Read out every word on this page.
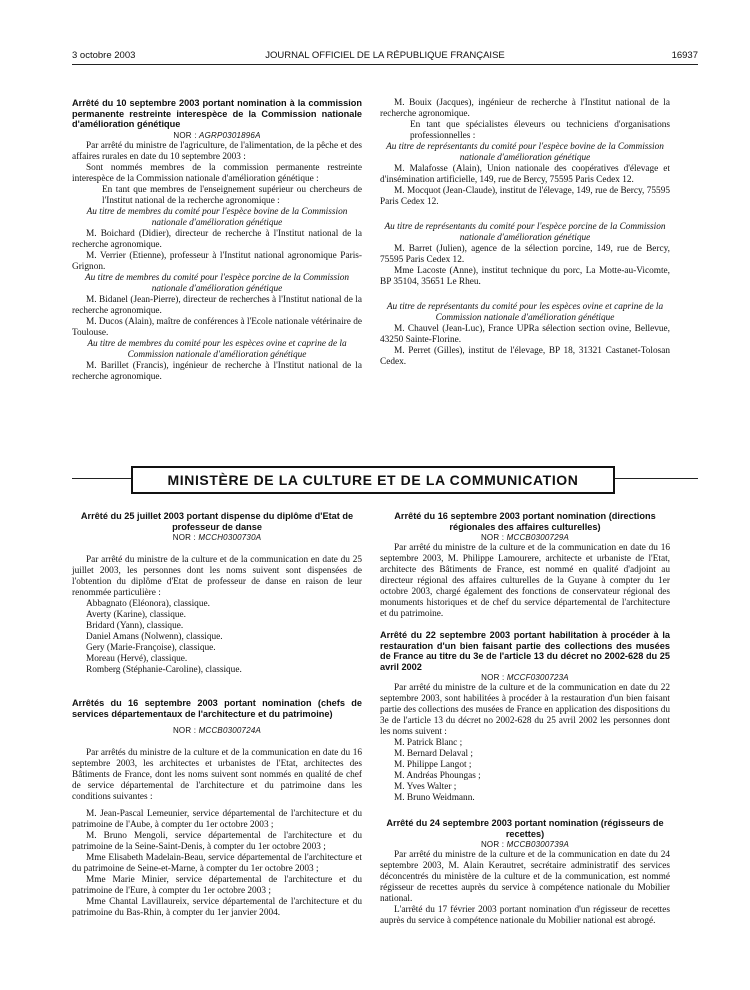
3 octobre 2003	JOURNAL OFFICIEL DE LA RÉPUBLIQUE FRANÇAISE	16937

Arrêté du 10 septembre 2003 portant nomination à la commission permanente restreinte interespèce de la Commission nationale d'amélioration génétique

NOR : AGRP0301896A

Par arrêté du ministre de l'agriculture, de l'alimentation, de la pêche et des affaires rurales en date du 10 septembre 2003 :

Sont nommés membres de la commission permanente restreinte interespèce de la Commission nationale d'amélioration génétique :

En tant que membres de l'enseignement supérieur ou chercheurs de l'Institut national de la recherche agronomique :

Au titre de membres du comité pour l'espèce bovine de la Commission nationale d'amélioration génétique

M. Boichard (Didier), directeur de recherche à l'Institut national de la recherche agronomique.

M. Verrier (Etienne), professeur à l'Institut national agronomique Paris-Grignon.

Au titre de membres du comité pour l'espèce porcine de la Commission nationale d'amélioration génétique

M. Bidanel (Jean-Pierre), directeur de recherches à l'Institut national de la recherche agronomique.

M. Ducos (Alain), maître de conférences à l'Ecole nationale vétérinaire de Toulouse.

Au titre de membres du comité pour les espèces ovine et caprine de la Commission nationale d'amélioration génétique

M. Barillet (Francis), ingénieur de recherche à l'Institut national de la recherche agronomique.

M. Bouix (Jacques), ingénieur de recherche à l'Institut national de la recherche agronomique.

En tant que spécialistes éleveurs ou techniciens d'organisations professionnelles :

Au titre de représentants du comité pour l'espèce bovine de la Commission nationale d'amélioration génétique

M. Malafosse (Alain), Union nationale des coopératives d'élevage et d'insémination artificielle, 149, rue de Bercy, 75595 Paris Cedex 12.

M. Mocquot (Jean-Claude), institut de l'élevage, 149, rue de Bercy, 75595 Paris Cedex 12.

Au titre de représentants du comité pour l'espèce porcine de la Commission nationale d'amélioration génétique

M. Barret (Julien), agence de la sélection porcine, 149, rue de Bercy, 75595 Paris Cedex 12.

Mme Lacoste (Anne), institut technique du porc, La Motte-au-Vicomte, BP 35104, 35651 Le Rheu.

Au titre de représentants du comité pour les espèces ovine et caprine de la Commission nationale d'amélioration génétique

M. Chauvel (Jean-Luc), France UPRa sélection section ovine, Bellevue, 43250 Sainte-Florine.

M. Perret (Gilles), institut de l'élevage, BP 18, 31321 Castanet-Tolosan Cedex.

MINISTÈRE DE LA CULTURE ET DE LA COMMUNICATION

Arrêté du 25 juillet 2003 portant dispense du diplôme d'Etat de professeur de danse

NOR : MCCH0300730A

Par arrêté du ministre de la culture et de la communication en date du 25 juillet 2003, les personnes dont les noms suivent sont dispensées de l'obtention du diplôme d'Etat de professeur de danse en raison de leur renommée particulière :

Abbagnato (Eléonora), classique.

Averty (Karine), classique.

Bridard (Yann), classique.

Daniel Amans (Nolwenn), classique.

Gery (Marie-Françoise), classique.

Moreau (Hervé), classique.

Romberg (Stéphanie-Caroline), classique.

Arrêtés du 16 septembre 2003 portant nomination (chefs de services départementaux de l'architecture et du patrimoine)

NOR : MCCB0300724A

Par arrêtés du ministre de la culture et de la communication en date du 16 septembre 2003, les architectes et urbanistes de l'Etat, architectes des Bâtiments de France, dont les noms suivent sont nommés en qualité de chef de service départemental de l'architecture et du patrimoine dans les conditions suivantes :

M. Jean-Pascal Lemeunier, service départemental de l'architecture et du patrimoine de l'Aube, à compter du 1er octobre 2003 ;

M. Bruno Mengoli, service départemental de l'architecture et du patrimoine de la Seine-Saint-Denis, à compter du 1er octobre 2003 ;

Mme Elisabeth Madelain-Beau, service départemental de l'architecture et du patrimoine de Seine-et-Marne, à compter du 1er octobre 2003 ;

Mme Marie Minier, service départemental de l'architecture et du patrimoine de l'Eure, à compter du 1er octobre 2003 ;

Mme Chantal Lavillaureix, service départemental de l'architecture et du patrimoine du Bas-Rhin, à compter du 1er janvier 2004.

Arrêté du 16 septembre 2003 portant nomination (directions régionales des affaires culturelles)

NOR : MCCB0300729A

Par arrêté du ministre de la culture et de la communication en date du 16 septembre 2003, M. Philippe Lamourere, architecte et urbaniste de l'Etat, architecte des Bâtiments de France, est nommé en qualité d'adjoint au directeur régional des affaires culturelles de la Guyane à compter du 1er octobre 2003, chargé également des fonctions de conservateur régional des monuments historiques et de chef du service départemental de l'architecture et du patrimoine.

Arrêté du 22 septembre 2003 portant habilitation à procéder à la restauration d'un bien faisant partie des collections des musées de France au titre du 3e de l'article 13 du décret no 2002-628 du 25 avril 2002

NOR : MCCF0300723A

Par arrêté du ministre de la culture et de la communication en date du 22 septembre 2003, sont habilitées à procéder à la restauration d'un bien faisant partie des collections des musées de France en application des dispositions du 3e de l'article 13 du décret no 2002-628 du 25 avril 2002 les personnes dont les noms suivent :

M. Patrick Blanc ;

M. Bernard Delaval ;

M. Philippe Langot ;

M. Andréas Phoungas ;

M. Yves Walter ;

M. Bruno Weidmann.

Arrêté du 24 septembre 2003 portant nomination (régisseurs de recettes)

NOR : MCCB0300739A

Par arrêté du ministre de la culture et de la communication en date du 24 septembre 2003, M. Alain Kerautret, secrétaire administratif des services déconcentrés du ministère de la culture et de la communication, est nommé régisseur de recettes auprès du service à compétence nationale du Mobilier national.

L'arrêté du 17 février 2003 portant nomination d'un régisseur de recettes auprès du service à compétence nationale du Mobilier national est abrogé.
